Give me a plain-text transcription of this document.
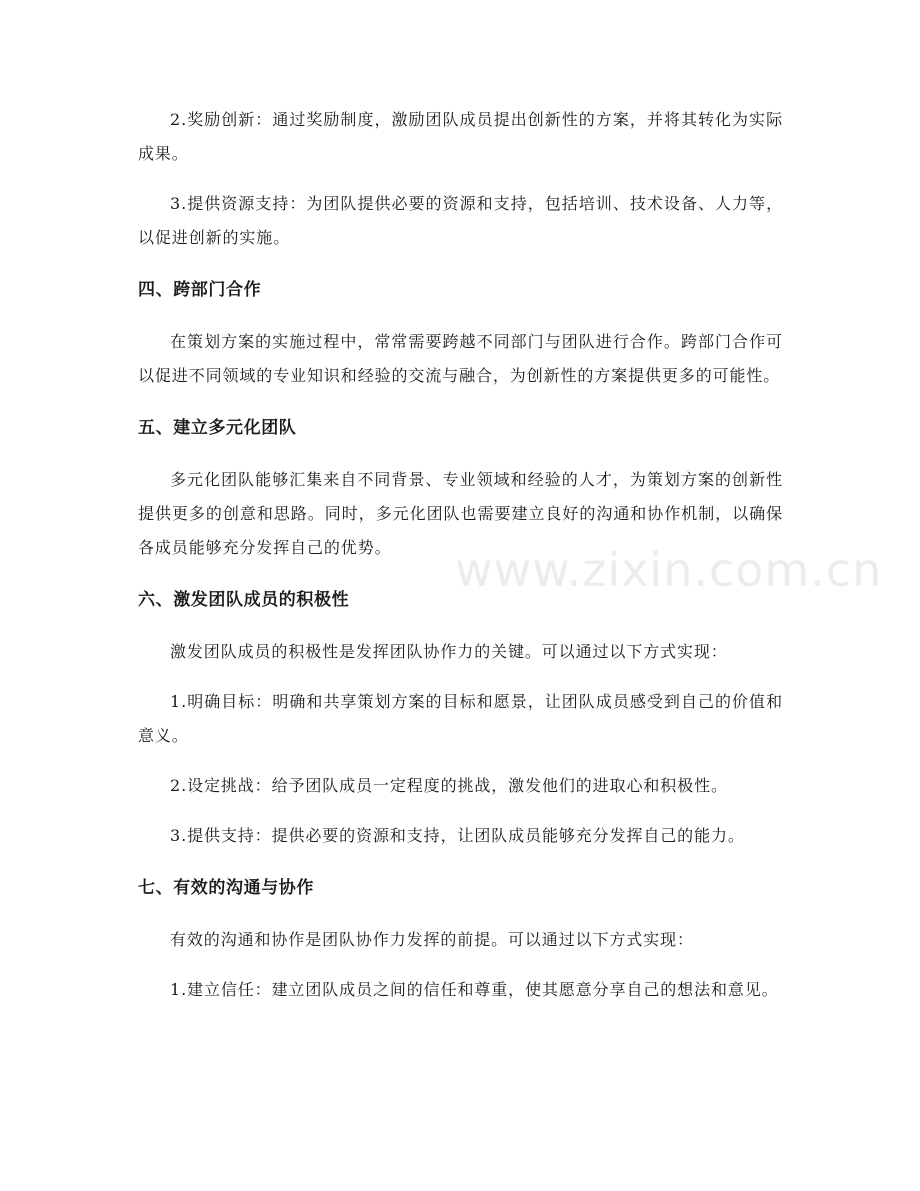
2.奖励创新：通过奖励制度，激励团队成员提出创新性的方案，并将其转化为实际成果。

3.提供资源支持：为团队提供必要的资源和支持，包括培训、技术设备、人力等，以促进创新的实施。

四、跨部门合作

在策划方案的实施过程中，常常需要跨越不同部门与团队进行合作。跨部门合作可以促进不同领域的专业知识和经验的交流与融合，为创新性的方案提供更多的可能性。

五、建立多元化团队

多元化团队能够汇集来自不同背景、专业领域和经验的人才，为策划方案的创新性提供更多的创意和思路。同时，多元化团队也需要建立良好的沟通和协作机制，以确保各成员能够充分发挥自己的优势。

六、激发团队成员的积极性

激发团队成员的积极性是发挥团队协作力的关键。可以通过以下方式实现：

1.明确目标：明确和共享策划方案的目标和愿景，让团队成员感受到自己的价值和意义。

2.设定挑战：给予团队成员一定程度的挑战，激发他们的进取心和积极性。

3.提供支持：提供必要的资源和支持，让团队成员能够充分发挥自己的能力。

七、有效的沟通与协作

有效的沟通和协作是团队协作力发挥的前提。可以通过以下方式实现：

1.建立信任：建立团队成员之间的信任和尊重，使其愿意分享自己的想法和意见。

www.zixin.com.cn
